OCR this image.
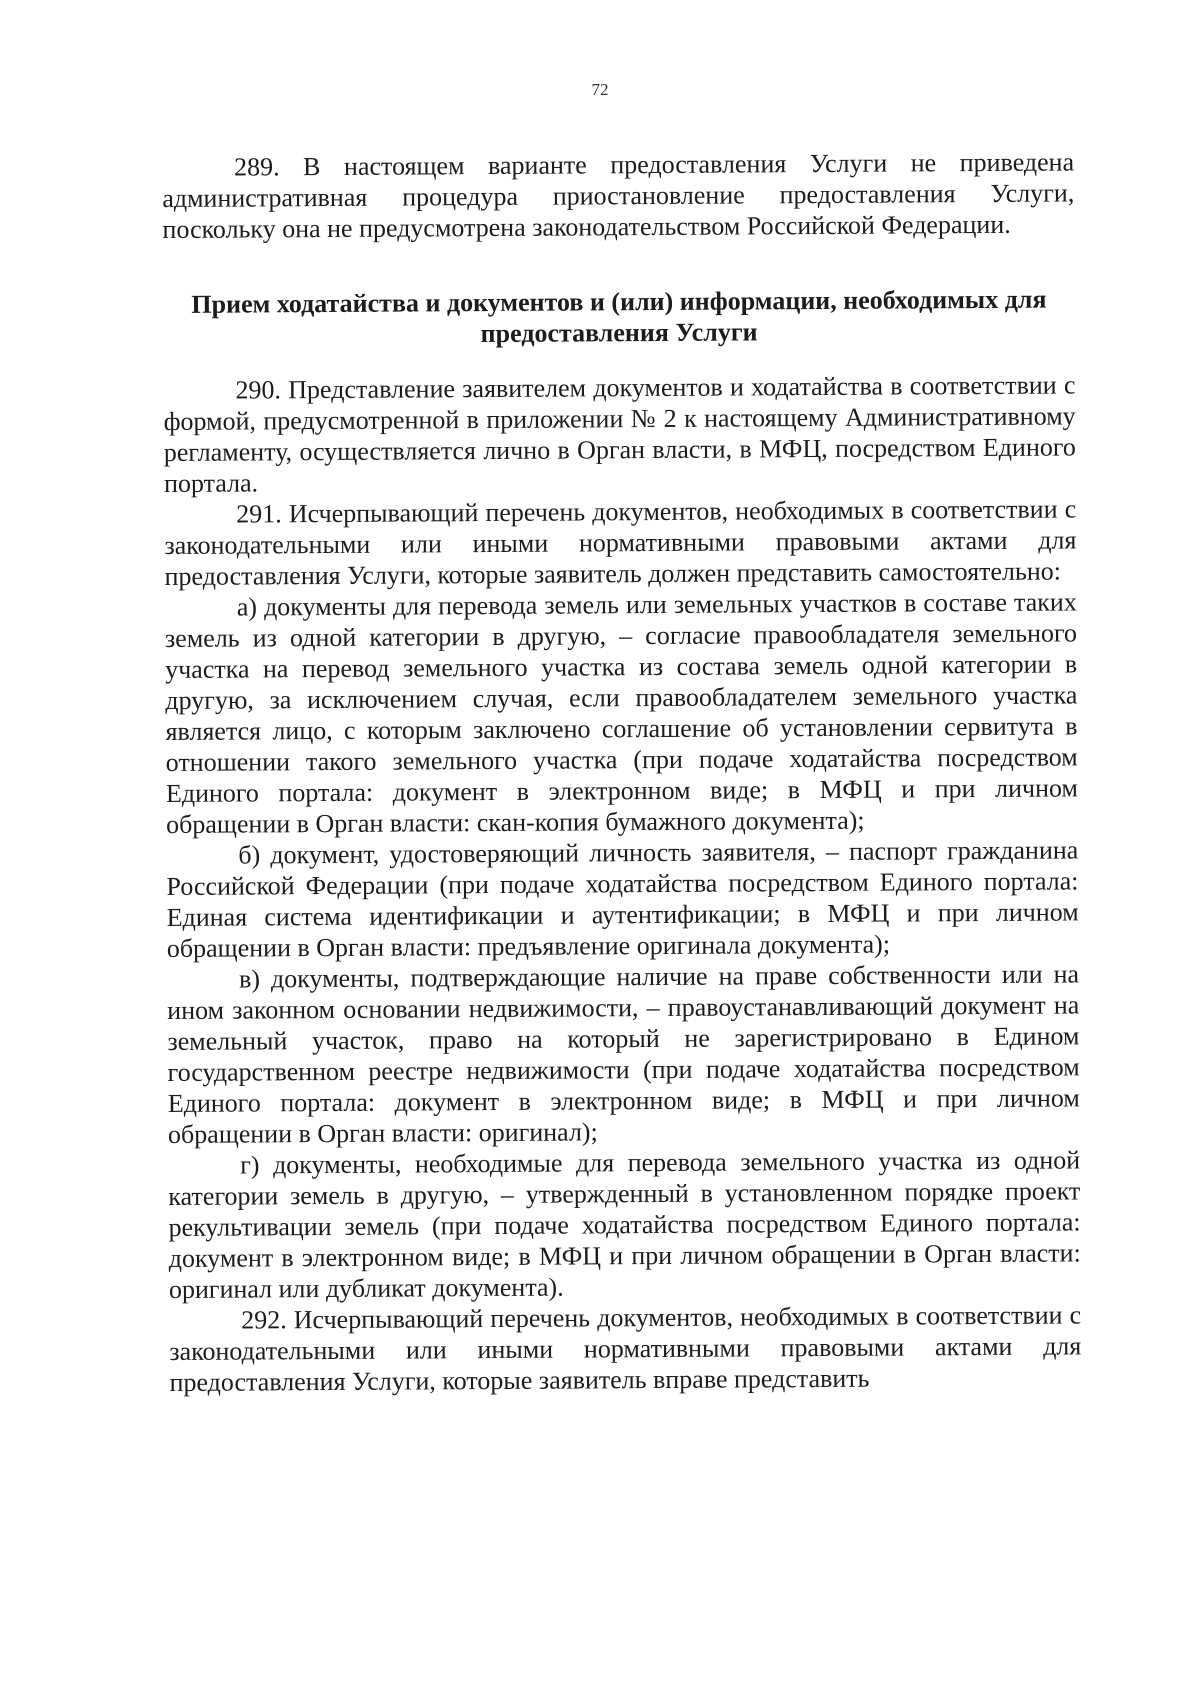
72

289. В настоящем варианте предоставления Услуги не приведена административная процедура приостановление предоставления Услуги, поскольку она не предусмотрена законодательством Российской Федерации.

Прием ходатайства и документов и (или) информации, необходимых для предоставления Услуги

290. Представление заявителем документов и ходатайства в соответствии с формой, предусмотренной в приложении № 2 к настоящему Административному регламенту, осуществляется лично в Орган власти, в МФЦ, посредством Единого портала.

291. Исчерпывающий перечень документов, необходимых в соответствии с законодательными или иными нормативными правовыми актами для предоставления Услуги, которые заявитель должен представить самостоятельно:

а) документы для перевода земель или земельных участков в составе таких земель из одной категории в другую, – согласие правообладателя земельного участка на перевод земельного участка из состава земель одной категории в другую, за исключением случая, если правообладателем земельного участка является лицо, с которым заключено соглашение об установлении сервитута в отношении такого земельного участка (при подаче ходатайства посредством Единого портала: документ в электронном виде; в МФЦ и при личном обращении в Орган власти: скан-копия бумажного документа);

б) документ, удостоверяющий личность заявителя, – паспорт гражданина Российской Федерации (при подаче ходатайства посредством Единого портала: Единая система идентификации и аутентификации; в МФЦ и при личном обращении в Орган власти: предъявление оригинала документа);

в) документы, подтверждающие наличие на праве собственности или на ином законном основании недвижимости, – правоустанавливающий документ на земельный участок, право на который не зарегистрировано в Едином государственном реестре недвижимости (при подаче ходатайства посредством Единого портала: документ в электронном виде; в МФЦ и при личном обращении в Орган власти: оригинал);

г) документы, необходимые для перевода земельного участка из одной категории земель в другую, – утвержденный в установленном порядке проект рекультивации земель (при подаче ходатайства посредством Единого портала: документ в электронном виде; в МФЦ и при личном обращении в Орган власти: оригинал или дубликат документа).

292. Исчерпывающий перечень документов, необходимых в соответствии с законодательными или иными нормативными правовыми актами для предоставления Услуги, которые заявитель вправе представить
